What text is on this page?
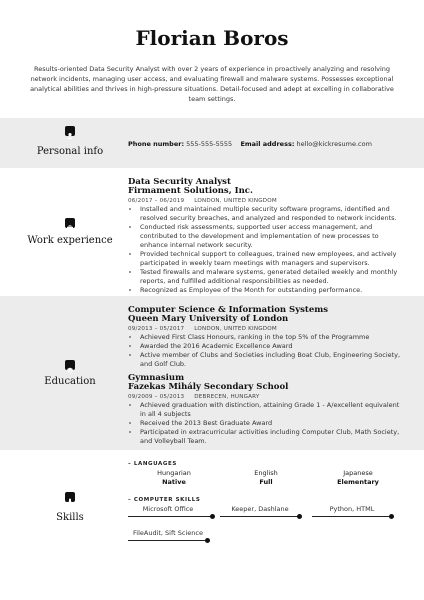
Florian Boros
Results-oriented Data Security Analyst with over 2 years of experience in proactively analyzing and resolving network incidents, managing user access, and evaluating firewall and malware systems. Possesses exceptional analytical abilities and thrives in high-pressure situations. Detail-focused and adept at excelling in collaborative team settings.
Personal info
Phone number: 555-555-5555 Email address: hello@kickresume.com
Work experience
Data Security Analyst
Firmament Solutions, Inc.
06/2017 – 06/2019 LONDON, UNITED KINGDOM
• Installed and maintained multiple security software programs, identified and resolved security breaches, and analyzed and responded to network incidents.
• Conducted risk assessments, supported user access management, and contributed to the development and implementation of new processes to enhance internal network security.
• Provided technical support to colleagues, trained new employees, and actively participated in weekly team meetings with managers and supervisors.
• Tested firewalls and malware systems, generated detailed weekly and monthly reports, and fulfilled additional responsibilities as needed.
• Recognized as Employee of the Month for outstanding performance.
Education
Computer Science & Information Systems
Queen Mary University of London
09/2013 – 05/2017 LONDON, UNITED KINGDOM
• Achieved First Class Honours, ranking in the top 5% of the Programme
• Awarded the 2016 Academic Excellence Award
• Active member of Clubs and Societies including Boat Club, Engineering Society, and Golf Club.
Gymnasium
Fazekas Mihály Secondary School
09/2009 – 05/2013 DEBRECEN, HUNGARY
• Achieved graduation with distinction, attaining Grade 1 - A/excellent equivalent in all 4 subjects
• Received the 2013 Best Graduate Award
• Participated in extracurricular activities including Computer Club, Math Society, and Volleyball Team.
Skills
– LANGUAGES
Hungarian
Native
English
Full
Japanese
Elementary
– COMPUTER SKILLS
Microsoft Office	Keeper, Dashlane	Python, HTML
FileAudit, Sift Science
